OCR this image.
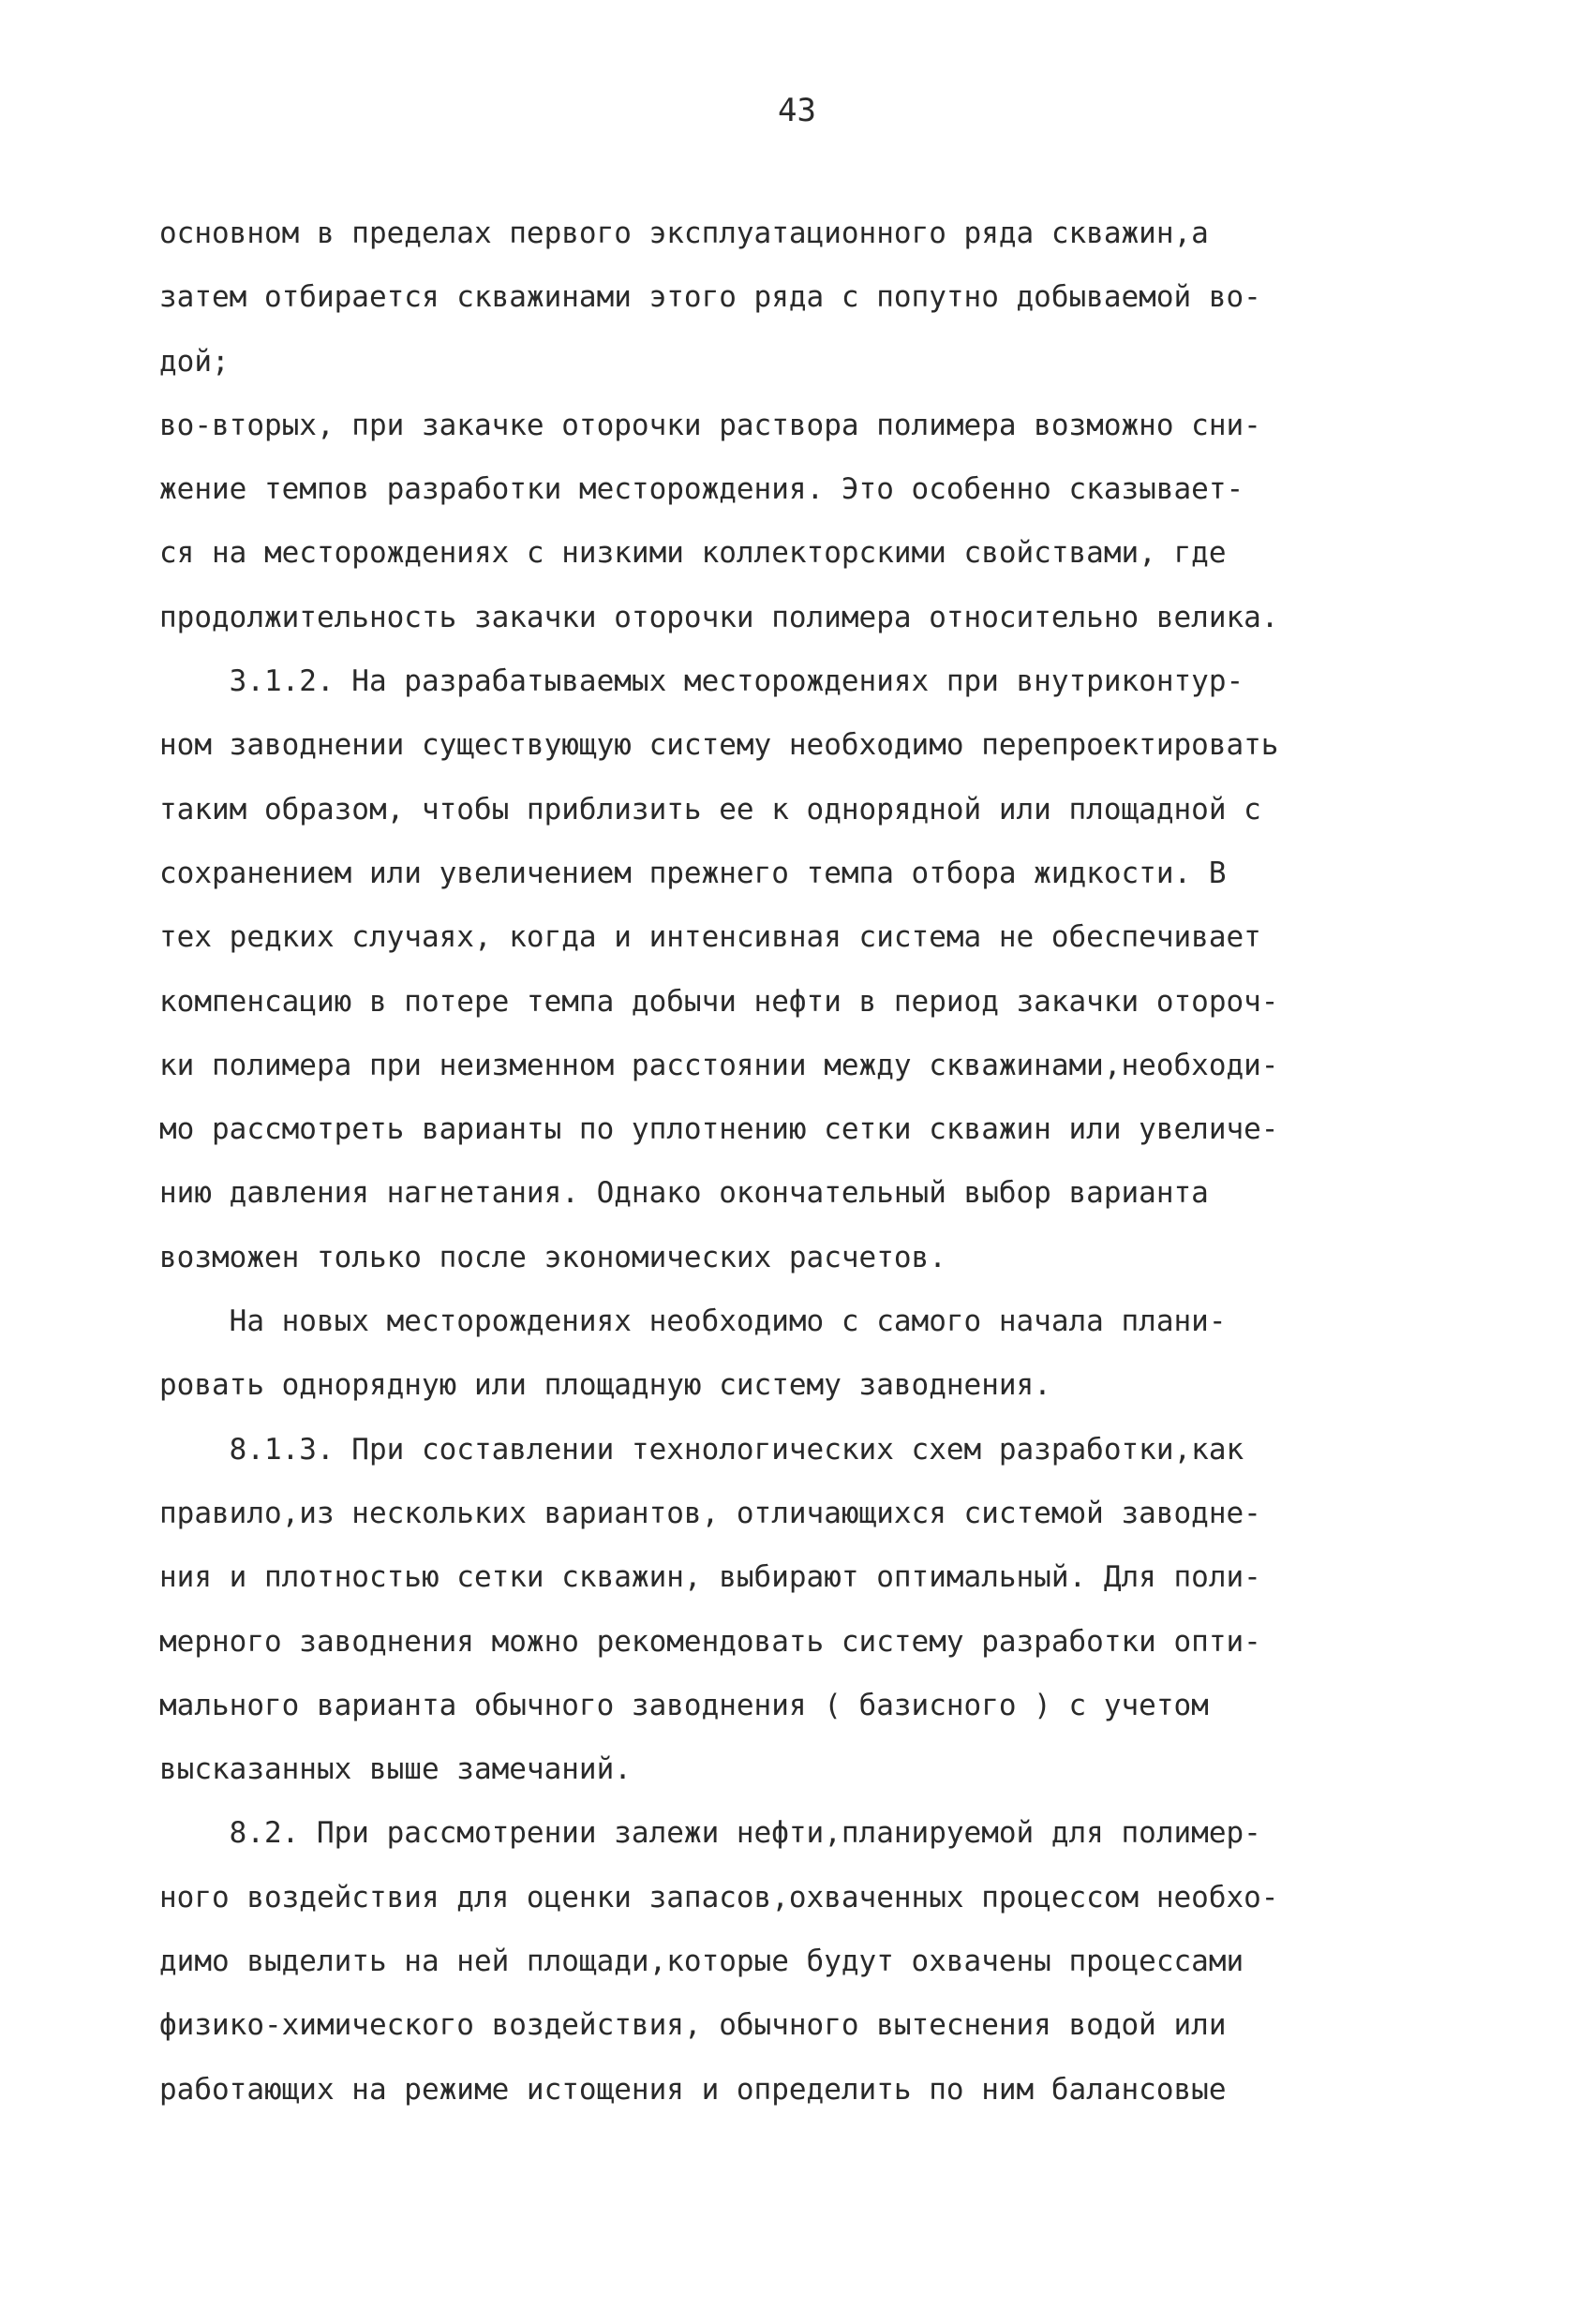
43
основном в пределах первого эксплуатационного ряда скважин,а
затем отбирается скважинами этого ряда с попутно добываемой во-
дой;
во-вторых, при закачке оторочки раствора полимера возможно сни-
жение темпов разработки месторождения. Это особенно сказывает-
ся на месторождениях с низкими коллекторскими свойствами, где
продолжительность закачки оторочки полимера относительно велика.
3.1.2. На разрабатываемых месторождениях при внутриконтур-
ном заводнении существующую систему необходимо перепроектировать
таким образом, чтобы приблизить ее к однорядной или площадной с
сохранением или увеличением прежнего темпа отбора жидкости. В
тех редких случаях, когда и интенсивная система не обеспечивает
компенсацию в потере темпа добычи нефти в период закачки отороч-
ки полимера при неизменном расстоянии между скважинами,необходи-
мо рассмотреть варианты по уплотнению сетки скважин или увеличе-
нию давления нагнетания. Однако окончательный выбор варианта
возможен только после экономических расчетов.
На новых месторождениях необходимо с самого начала плани-
ровать однорядную или площадную систему заводнения.
8.1.3. При составлении технологических схем разработки,как
правило,из нескольких вариантов, отличающихся системой заводне-
ния и плотностью сетки скважин, выбирают оптимальный. Для поли-
мерного заводнения можно рекомендовать систему разработки опти-
мального варианта обычного заводнения ( базисного ) с учетом
высказанных выше замечаний.
8.2. При рассмотрении залежи нефти,планируемой для полимер-
ного воздействия для оценки запасов,охваченных процессом необхо-
димо выделить на ней площади,которые будут охвачены процессами
физико-химического воздействия, обычного вытеснения водой или
работающих на режиме истощения и определить по ним балансовые
